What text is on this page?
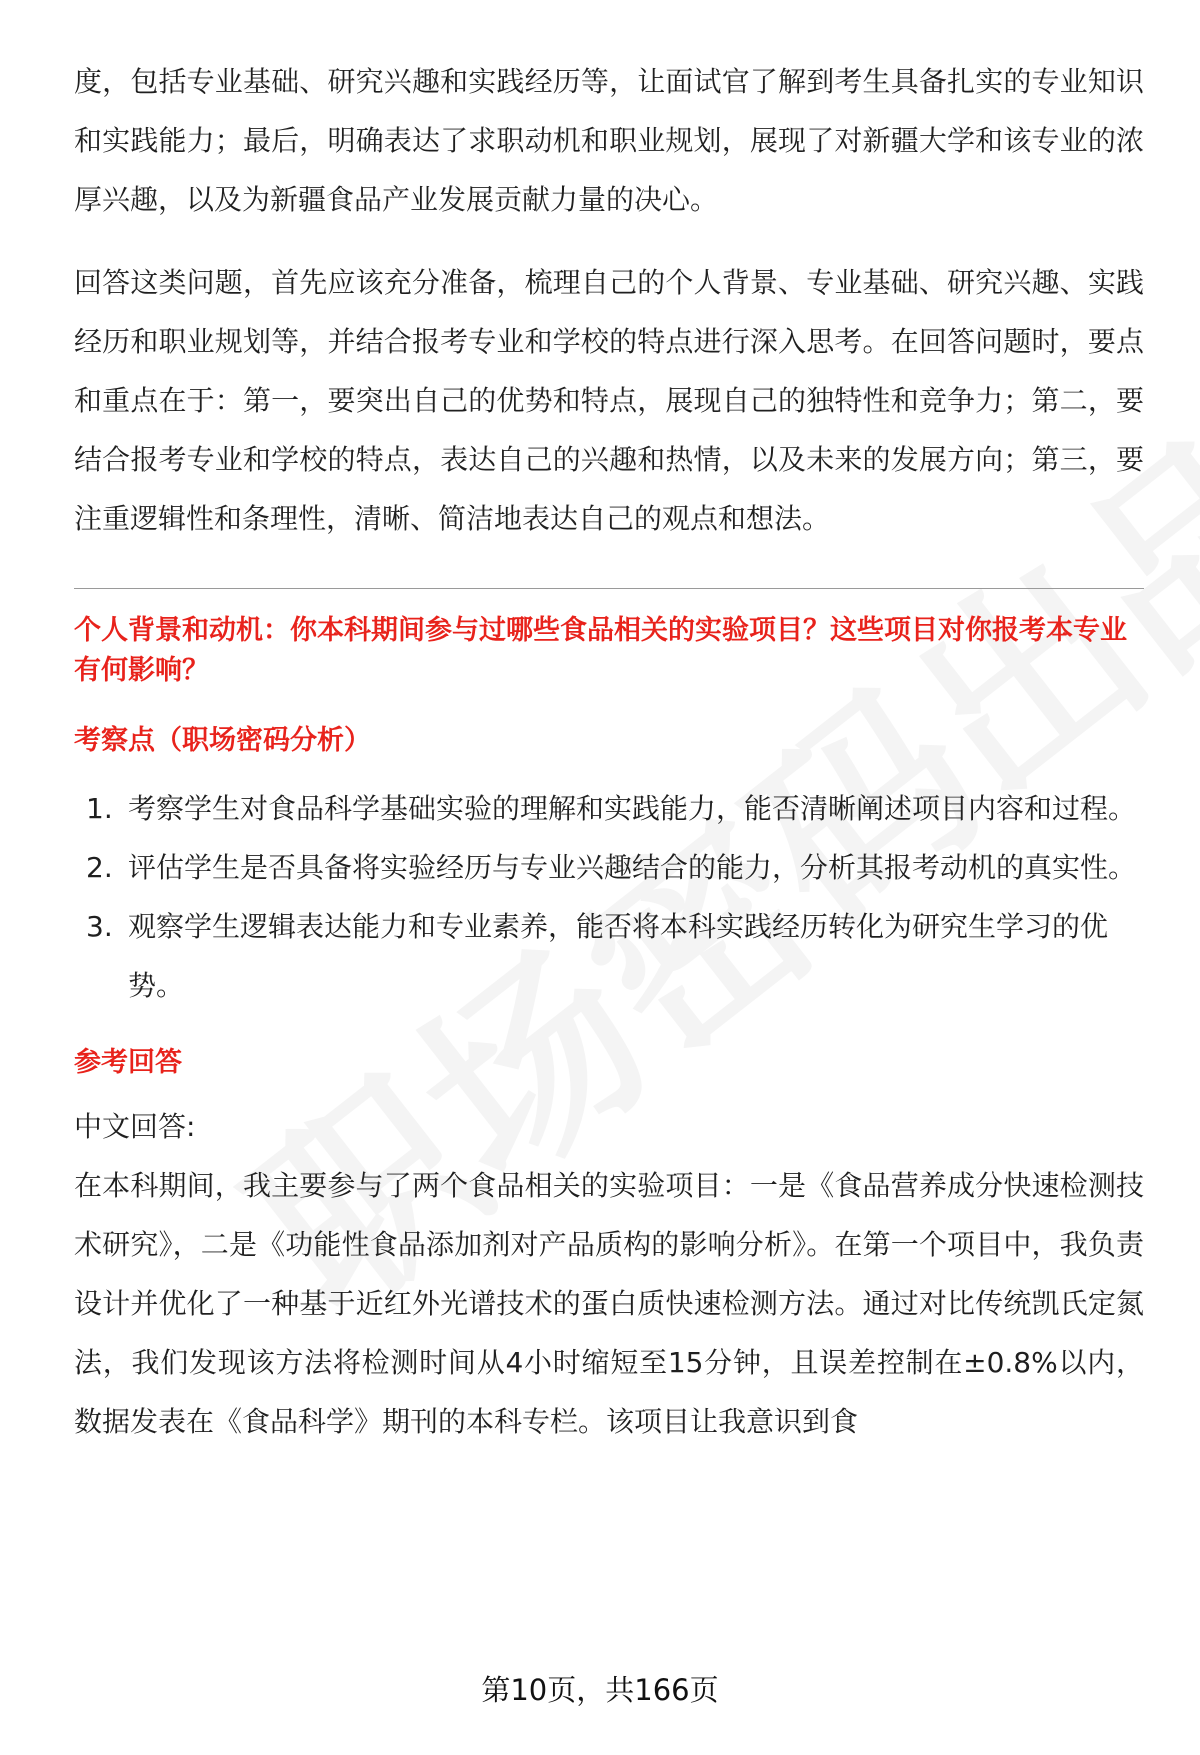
度，包括专业基础、研究兴趣和实践经历等，让面试官了解到考生具备扎实的专业知识和实践能力；最后，明确表达了求职动机和职业规划，展现了对新疆大学和该专业的浓厚兴趣，以及为新疆食品产业发展贡献力量的决心。

回答这类问题，首先应该充分准备，梳理自己的个人背景、专业基础、研究兴趣、实践经历和职业规划等，并结合报考专业和学校的特点进行深入思考。在回答问题时，要点和重点在于：第一，要突出自己的优势和特点，展现自己的独特性和竞争力；第二，要结合报考专业和学校的特点，表达自己的兴趣和热情，以及未来的发展方向；第三，要注重逻辑性和条理性，清晰、简洁地表达自己的观点和想法。

个人背景和动机：你本科期间参与过哪些食品相关的实验项目？这些项目对你报考本专业有何影响？

考察点（职场密码分析）

1. 考察学生对食品科学基础实验的理解和实践能力，能否清晰阐述项目内容和过程。
2. 评估学生是否具备将实验经历与专业兴趣结合的能力，分析其报考动机的真实性。
3. 观察学生逻辑表达能力和专业素养，能否将本科实践经历转化为研究生学习的优势。

参考回答

中文回答:

在本科期间，我主要参与了两个食品相关的实验项目：一是《食品营养成分快速检测技术研究》，二是《功能性食品添加剂对产品质构的影响分析》。在第一个项目中，我负责设计并优化了一种基于近红外光谱技术的蛋白质快速检测方法。通过对比传统凯氏定氮法，我们发现该方法将检测时间从4小时缩短至15分钟，且误差控制在±0.8%以内，数据发表在《食品科学》期刊的本科专栏。该项目让我意识到食

第10页，共166页
